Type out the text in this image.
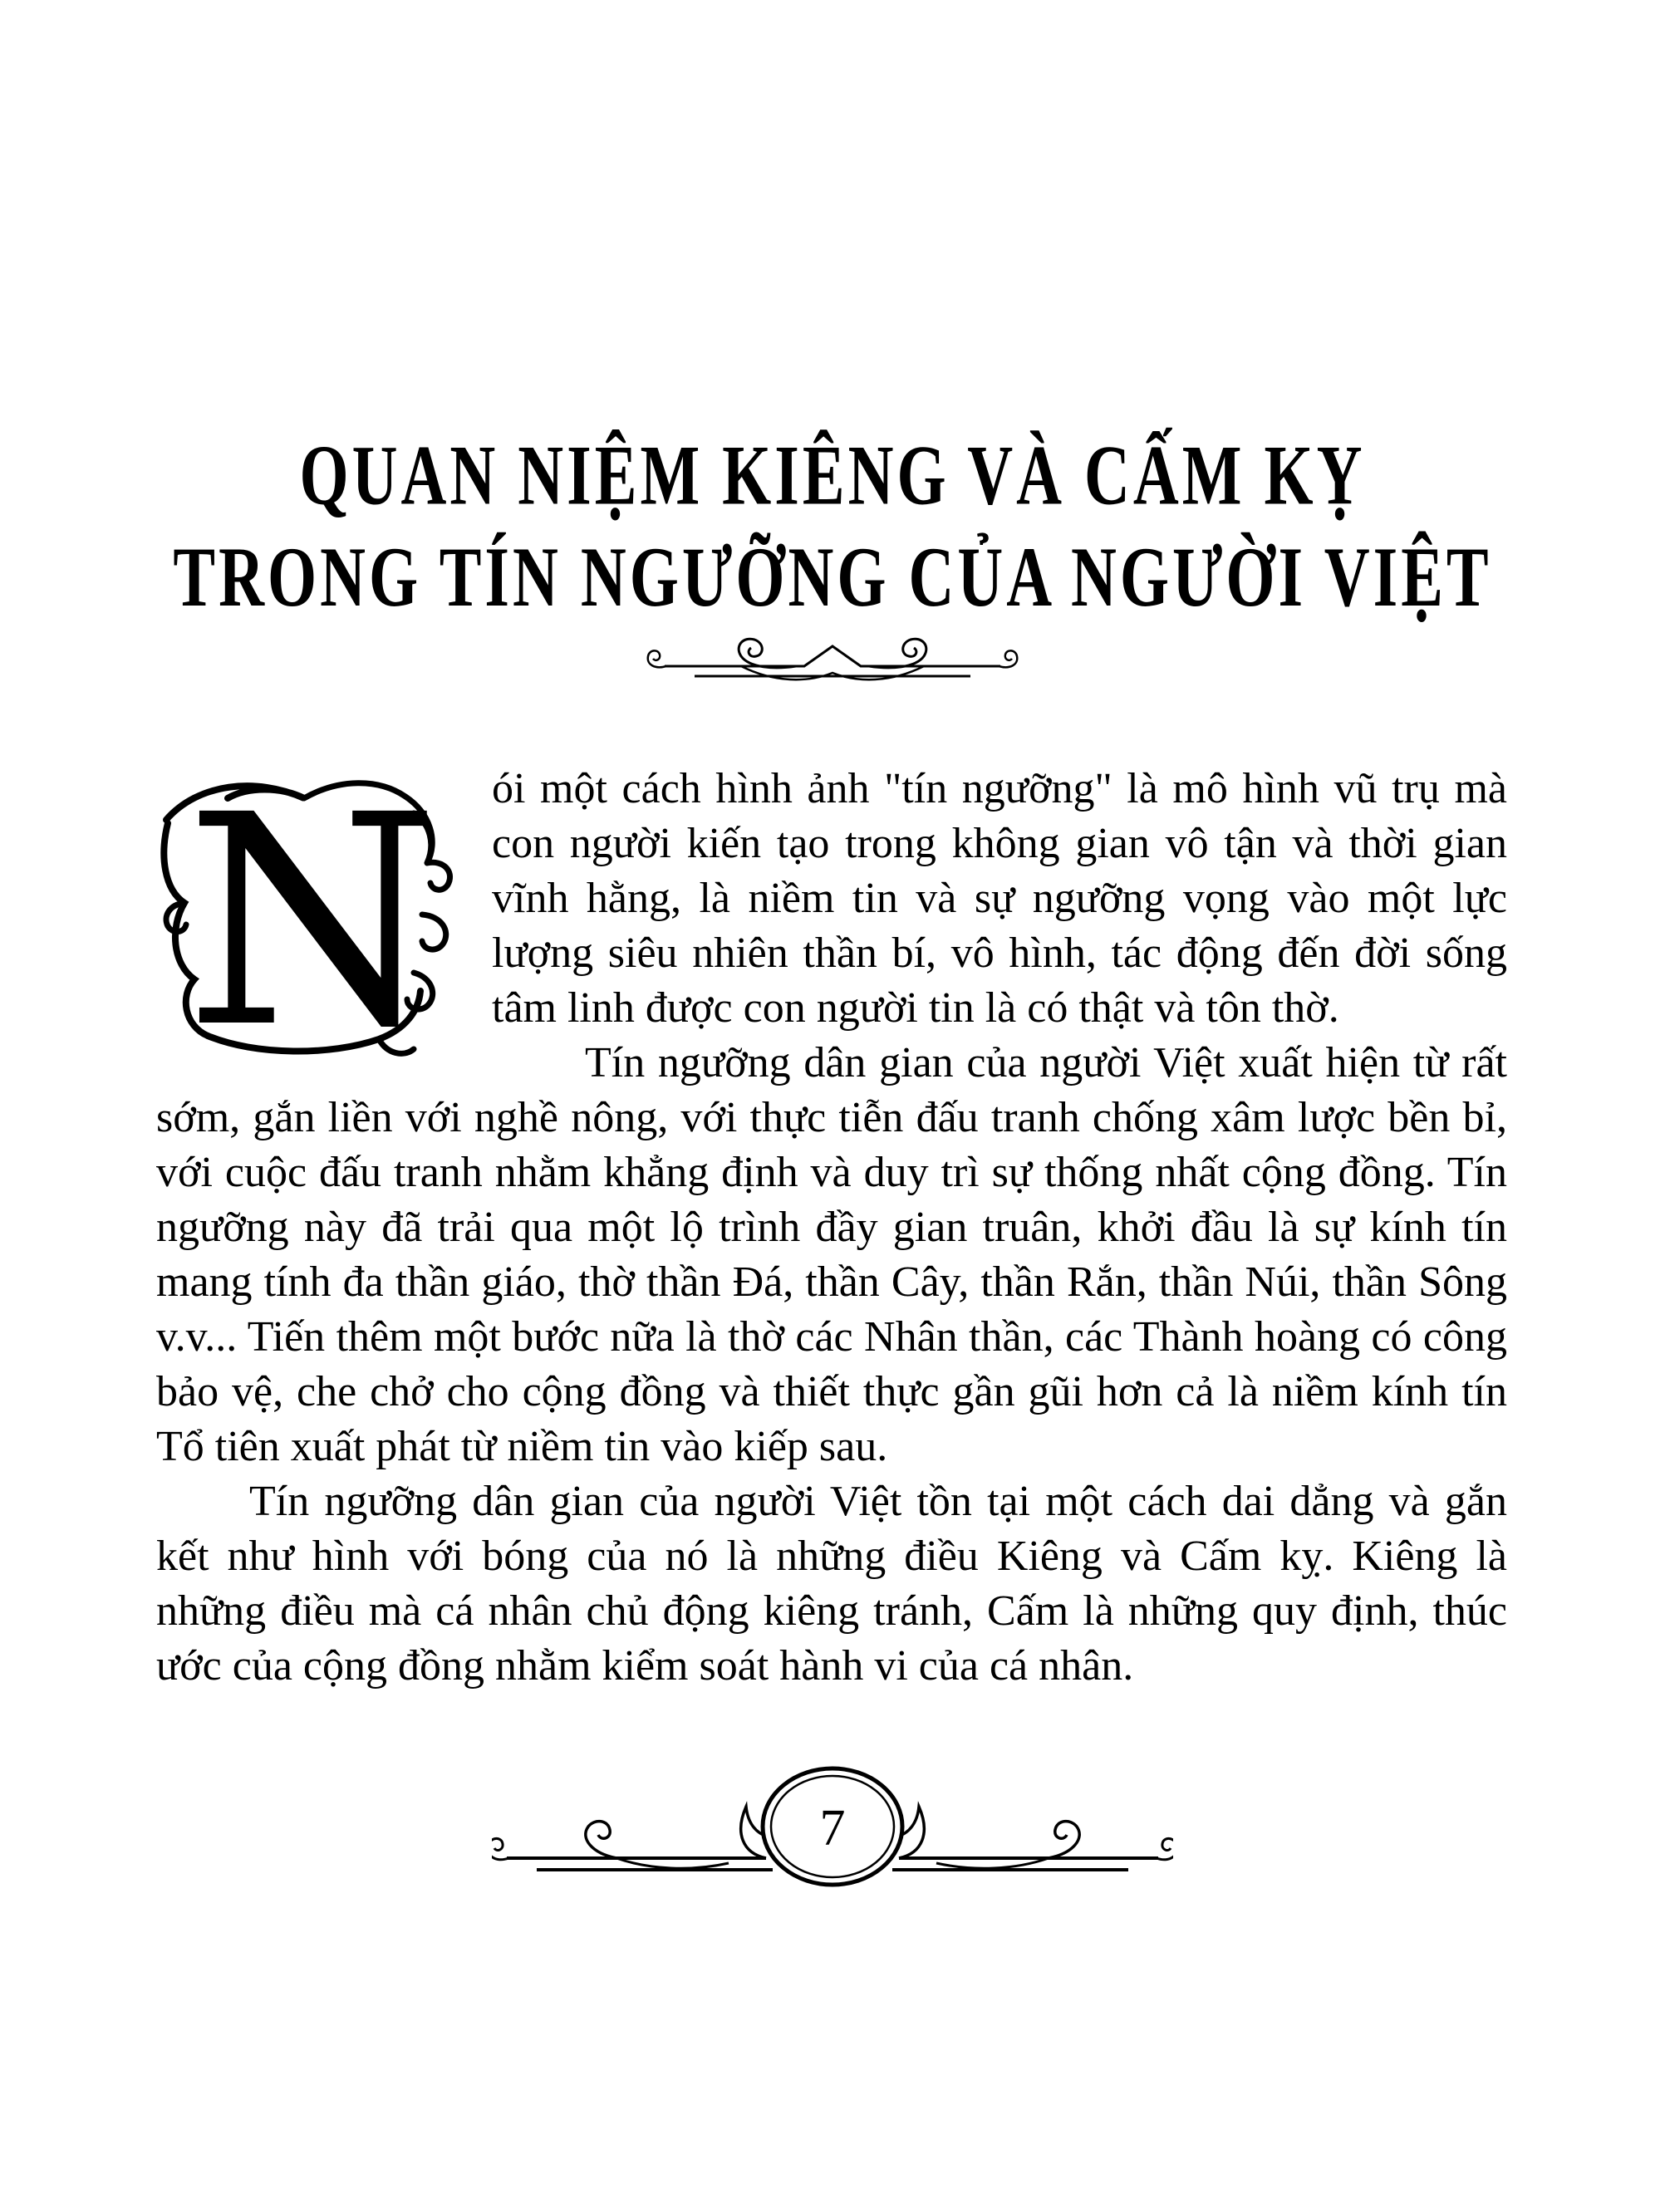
QUAN NIỆM KIÊNG VÀ CẤM KỴ
TRONG TÍN NGƯỠNG CỦA NGƯỜI VIỆT

N ói một cách hình ảnh "tín ngưỡng" là mô hình vũ trụ mà con người kiến tạo trong không gian vô tận và thời gian vĩnh hằng, là niềm tin và sự ngưỡng vọng vào một lực lượng siêu nhiên thần bí, vô hình, tác động đến đời sống tâm linh được con người tin là có thật và tôn thờ.

Tín ngưỡng dân gian của người Việt xuất hiện từ rất sớm, gắn liền với nghề nông, với thực tiễn đấu tranh chống xâm lược bền bỉ, với cuộc đấu tranh nhằm khẳng định và duy trì sự thống nhất cộng đồng. Tín ngưỡng này đã trải qua một lộ trình đầy gian truân, khởi đầu là sự kính tín mang tính đa thần giáo, thờ thần Đá, thần Cây, thần Rắn, thần Núi, thần Sông v.v... Tiến thêm một bước nữa là thờ các Nhân thần, các Thành hoàng có công bảo vệ, che chở cho cộng đồng và thiết thực gần gũi hơn cả là niềm kính tín Tổ tiên xuất phát từ niềm tin vào kiếp sau.

Tín ngưỡng dân gian của người Việt tồn tại một cách dai dẳng và gắn kết như hình với bóng của nó là những điều Kiêng và Cấm kỵ. Kiêng là những điều mà cá nhân chủ động kiêng tránh, Cấm là những quy định, thúc ước của cộng đồng nhằm kiểm soát hành vi của cá nhân.

7
